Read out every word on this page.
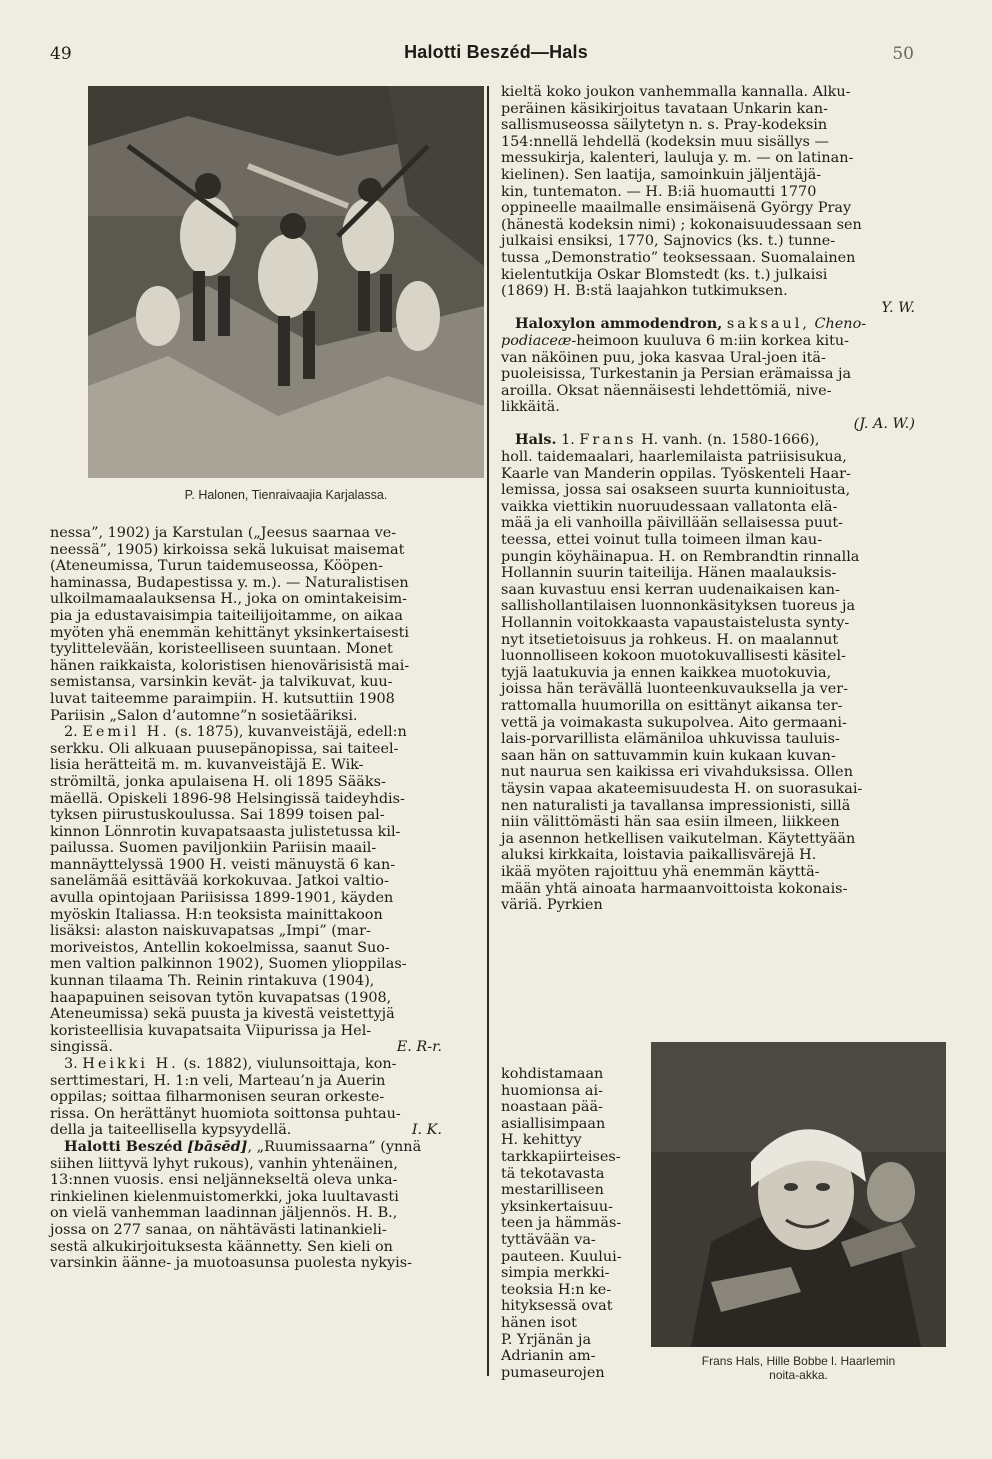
49	Halotti Beszéd—Hals	50
P. Halonen, Tienraivaajia Karjalassa.

nessa”, 1902) ja Karstulan („Jeesus saarnaa ve-
neessä”, 1905) kirkoissa sekä lukuisat maisemat
(Ateneumissa, Turun taidemuseossa, Kööpen-
haminassa, Budapestissa y. m.). — Naturalistisen
ulkoilmamaalauksensa H., joka on omintakeisim-
pia ja edustavaisimpia taiteilijoitamme, on aikaa
myöten yhä enemmän kehittänyt yksinkertaisesti
tyylittelevään, koristeelliseen suuntaan. Monet
hänen raikkaista, koloristisen hienovärisistä mai-
semistansa, varsinkin kevät- ja talvikuvat, kuu-
luvat taiteemme paraimpiin. H. kutsuttiin 1908
Pariisin „Salon d’automne”n sosietääriksi.

2. Eemil H. (s. 1875), kuvanveistäjä, edell:n
serkku. Oli alkuaan puusepänopissa, sai taiteel-
lisia herätteitä m. m. kuvanveistäjä E. Wik-
strömiltä, jonka apulaisena H. oli 1895 Sääks-
mäellä. Opiskeli 1896-98 Helsingissä taideyhdis-
tyksen piirustuskoulussa. Sai 1899 toisen pal-
kinnon Lönnrotin kuvapatsaasta julistetussa kil-
pailussa. Suomen paviljonkiin Pariisin maail-
mannäyttelyssä 1900 H. veisti mänuystä 6 kan-
sanelämää esittävää korkokuvaa. Jatkoi valtio-
avulla opintojaan Pariisissa 1899-1901, käyden
myöskin Italiassa. H:n teoksista mainittakoon
lisäksi: alaston naiskuvapatsas „Impi” (mar-
moriveistos, Antellin kokoelmissa, saanut Suo-
men valtion palkinnon 1902), Suomen ylioppilas-
kunnan tilaama Th. Reinin rintakuva (1904),
haapapuinen seisovan tytön kuvapatsas (1908,
Ateneumissa) sekä puusta ja kivestä veistettyjä
koristeellisia kuvapatsaita Viipurissa ja Hel-
singissä.	E. R-r.

3. Heikki H. (s. 1882), viulunsoittaja, kon-
serttimestari, H. 1:n veli, Marteau’n ja Auerin
oppilas; soittaa filharmonisen seuran orkeste-
rissa. On herättänyt huomiota soittonsa puhtau-
della ja taiteellisella kypsyydellä.	I. K.

Halotti Beszéd [bāsēd], „Ruumissaarna” (ynnä
siihen liittyvä lyhyt rukous), vanhin yhtenäinen,
13:nnen vuosis. ensi neljännekseltä oleva unka-
rinkielinen kielenmuistomerkki, joka luultavasti
on vielä vanhemman laadinnan jäljennös. H. B.,
jossa on 277 sanaa, on nähtävästi latinankieli-
sestä alkukirjoituksesta käännetty. Sen kieli on
varsinkin äänne- ja muotoasunsa puolesta nykyis-

kieltä koko joukon vanhemmalla kannalla. Alku-
peräinen käsikirjoitus tavataan Unkarin kan-
sallismuseossa säilytetyn n. s. Pray-kodeksin
154:nnellä lehdellä (kodeksin muu sisällys —
messukirja, kalenteri, lauluja y. m. — on latinan-
kielinen). Sen laatija, samoinkuin jäljentäjä-
kin, tuntematon. — H. B:iä huomautti 1770
oppineelle maailmalle ensimäisenä György Pray
(hänestä kodeksin nimi) ; kokonaisuudessaan sen
julkaisi ensiksi, 1770, Sajnovics (ks. t.) tunne-
tussa „Demonstratio” teoksessaan. Suomalainen
kielentutkija Oskar Blomstedt (ks. t.) julkaisi
(1869) H. B:stä laajahkon tutkimuksen.

Y. W.

Haloxylon ammodendron, saksaul, Cheno-
podiaceæ-heimoon kuuluva 6 m:iin korkea kitu-
van näköinen puu, joka kasvaa Ural-joen itä-
puoleisissa, Turkestanin ja Persian erämaissa ja
aroilla. Oksat näennäisesti lehdettömiä, nive-
likkäitä.

(J. A. W.)

Hals. 1. Frans H. vanh. (n. 1580-1666),
holl. taidemaalari, haarlemilaista patriisisukua,
Kaarle van Manderin oppilas. Työskenteli Haar-
lemissa, jossa sai osakseen suurta kunnioitusta,
vaikka viettikin nuoruudessaan vallatonta elä-
mää ja eli vanhoilla päivillään sellaisessa puut-
teessa, ettei voinut tulla toimeen ilman kau-
pungin köyhäinapua. H. on Rembrandtin rinnalla
Hollannin suurin taiteilija. Hänen maalauksis-
saan kuvastuu ensi kerran uudenaikaisen kan-
sallishollantilaisen luonnonkäsityksen tuoreus ja
Hollannin voitokkaasta vapaustaistelusta synty-
nyt itsetietoisuus ja rohkeus. H. on maalannut
luonnolliseen kokoon muotokuvallisesti käsitel-
tyjä laatukuvia ja ennen kaikkea muotokuvia,
joissa hän terävällä luonteenkuvauksella ja ver-
rattomalla huumorilla on esittänyt aikansa ter-
vettä ja voimakasta sukupolvea. Aito germaani-
lais-porvarillista elämäniloa uhkuvissa tauluis-
saan hän on sattuvammin kuin kukaan kuvan-
nut naurua sen kaikissa eri vivahduksissa. Ollen
täysin vapaa akateemisuudesta H. on suorasukai-
nen naturalisti ja tavallansa impressionisti, sillä
niin välittömästi hän saa esiin ilmeen, liikkeen
ja asennon hetkellisen vaikutelman. Käytettyään
aluksi kirkkaita, loistavia paikallisvärejä H.
ikää myöten rajoittuu yhä enemmän käyttä-
mään yhtä ainoata harmaanvoittoista kokonais-
väriä. Pyrkien

kohdistamaan
huomionsa ai-
noastaan pää-
asiallisimpaan
H. kehittyy
tarkkapiirteises-
tä tekotavasta
mestarilliseen
yksinkertaisuu-
teen ja hämmäs-
tyttävään va-
pauteen. Kuului-
simpia merkki-
teoksia H:n ke-
hityksessä ovat
hänen isot
P. Yrjänän ja
Adrianin am-
pumaseurojen
Frans Hals, Hille Bobbe l. Haarlemin
noita-akka.
